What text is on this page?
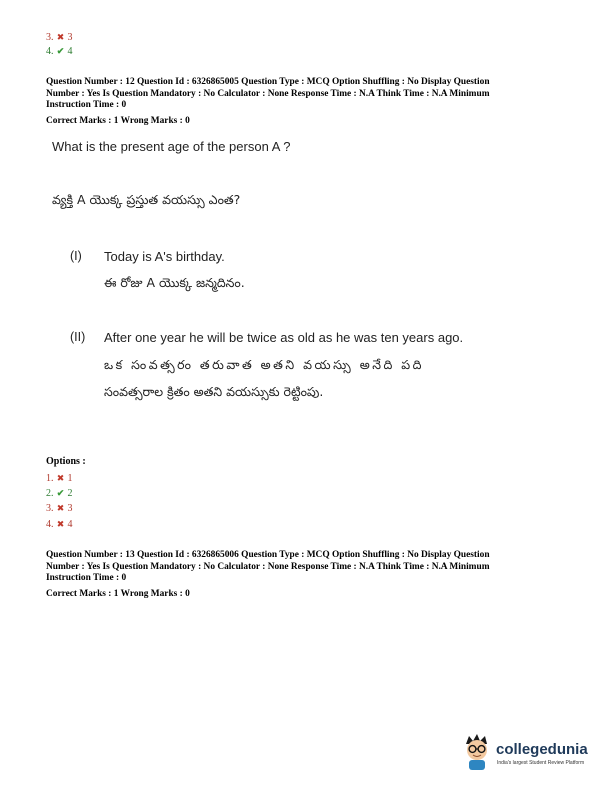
3. ✖ 3
4. ✔ 4
Question Number : 12 Question Id : 6326865005 Question Type : MCQ Option Shuffling : No Display Question
Number : Yes Is Question Mandatory : No Calculator : None Response Time : N.A Think Time : N.A Minimum
Instruction Time : 0
Correct Marks : 1 Wrong Marks : 0
What is the present age of the person A ?
వ్యక్తి A యొక్క ప్రస్తుత వయస్సు ఎంత?
(I) Today is A's birthday.
ఈ రోజు A యొక్క జన్మదినం.
(II) After one year he will be twice as old as he was ten years ago.
ఒక సంవత్సరం తరువాత అతని వయస్సు అనేది పది
సంవత్సరాల క్రితం అతని వయస్సుకు రెట్టింపు.
Options :
1. ✖ 1
2. ✔ 2
3. ✖ 3
4. ✖ 4
Question Number : 13 Question Id : 6326865006 Question Type : MCQ Option Shuffling : No Display Question
Number : Yes Is Question Mandatory : No Calculator : None Response Time : N.A Think Time : N.A Minimum
Instruction Time : 0
Correct Marks : 1 Wrong Marks : 0
collegedunia
India's largest Student Review Platform
